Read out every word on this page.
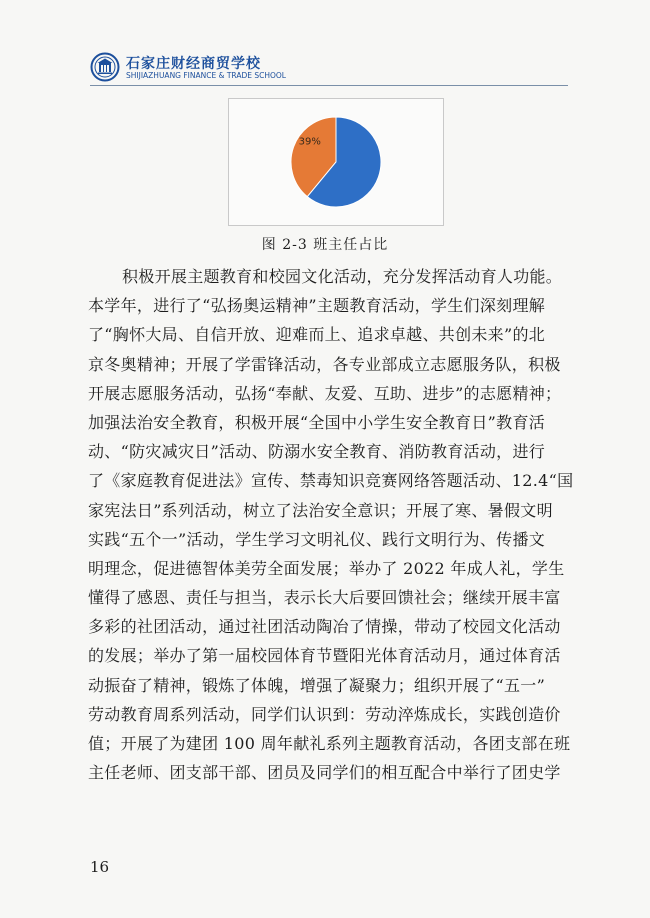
石家庄财经商贸学校
SHIJIAZHUANG FINANCE & TRADE SCHOOL
39%
图 2-3 班主任占比
积极开展主题教育和校园文化活动，充分发挥活动育人功能。
本学年，进行了“弘扬奥运精神”主题教育活动，学生们深刻理解
了“胸怀大局、自信开放、迎难而上、追求卓越、共创未来”的北
京冬奥精神；开展了学雷锋活动，各专业部成立志愿服务队，积极
开展志愿服务活动，弘扬“奉献、友爱、互助、进步”的志愿精神；
加强法治安全教育，积极开展“全国中小学生安全教育日”教育活
动、“防灾减灾日”活动、防溺水安全教育、消防教育活动，进行
了《家庭教育促进法》宣传、禁毒知识竞赛网络答题活动、12.4“国
家宪法日”系列活动，树立了法治安全意识；开展了寒、暑假文明
实践“五个一”活动，学生学习文明礼仪、践行文明行为、传播文
明理念，促进德智体美劳全面发展；举办了 2022 年成人礼，学生
懂得了感恩、责任与担当，表示长大后要回馈社会；继续开展丰富
多彩的社团活动，通过社团活动陶冶了情操，带动了校园文化活动
的发展；举办了第一届校园体育节暨阳光体育活动月，通过体育活
动振奋了精神，锻炼了体魄，增强了凝聚力；组织开展了“五一”
劳动教育周系列活动，同学们认识到：劳动淬炼成长，实践创造价
值；开展了为建团 100 周年献礼系列主题教育活动，各团支部在班
主任老师、团支部干部、团员及同学们的相互配合中举行了团史学
16
